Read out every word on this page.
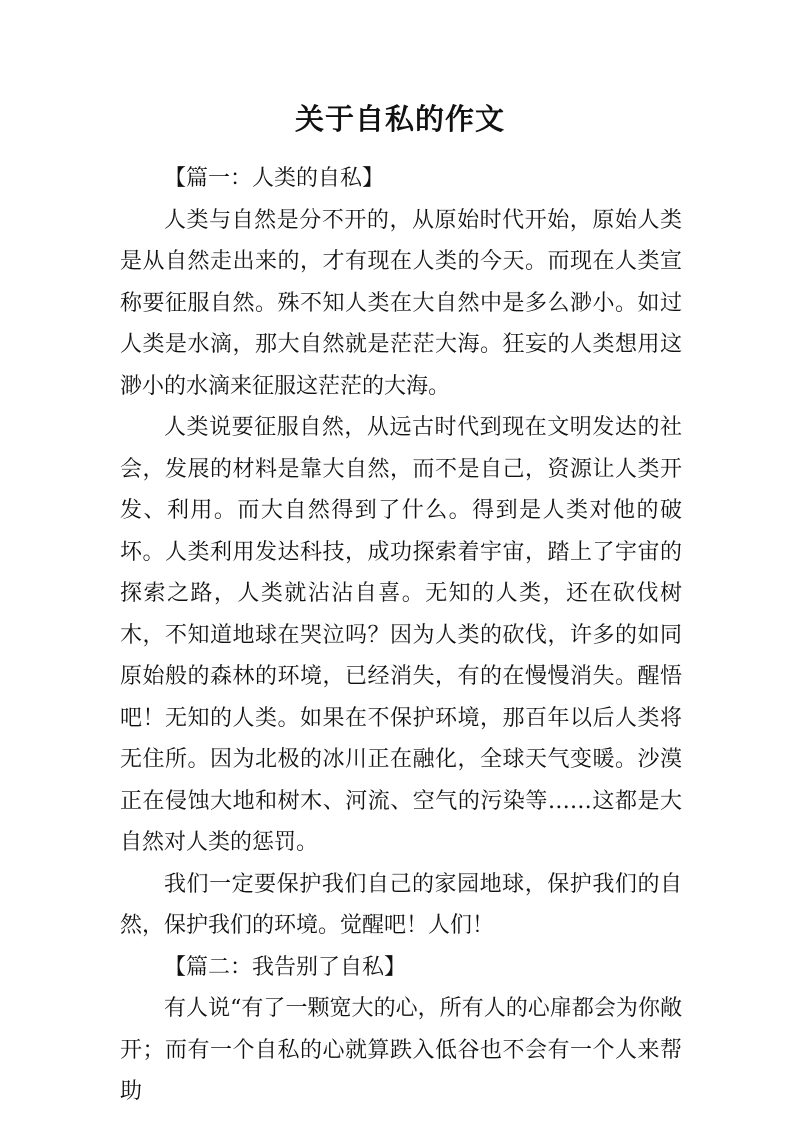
关于自私的作文

【篇一：人类的自私】

人类与自然是分不开的，从原始时代开始，原始人类是从自然走出来的，才有现在人类的今天。而现在人类宣称要征服自然。殊不知人类在大自然中是多么渺小。如过人类是水滴，那大自然就是茫茫大海。狂妄的人类想用这渺小的水滴来征服这茫茫的大海。

人类说要征服自然，从远古时代到现在文明发达的社会，发展的材料是靠大自然，而不是自己，资源让人类开发、利用。而大自然得到了什么。得到是人类对他的破坏。人类利用发达科技，成功探索着宇宙，踏上了宇宙的探索之路，人类就沾沾自喜。无知的人类，还在砍伐树木，不知道地球在哭泣吗？因为人类的砍伐，许多的如同原始般的森林的环境，已经消失，有的在慢慢消失。醒悟吧！无知的人类。如果在不保护环境，那百年以后人类将无住所。因为北极的冰川正在融化，全球天气变暖。沙漠正在侵蚀大地和树木、河流、空气的污染等……这都是大自然对人类的惩罚。

我们一定要保护我们自己的家园地球，保护我们的自然，保护我们的环境。觉醒吧！人们！

【篇二：我告别了自私】

有人说“有了一颗宽大的心，所有人的心扉都会为你敞开；而有一个自私的心就算跌入低谷也不会有一个人来帮助
